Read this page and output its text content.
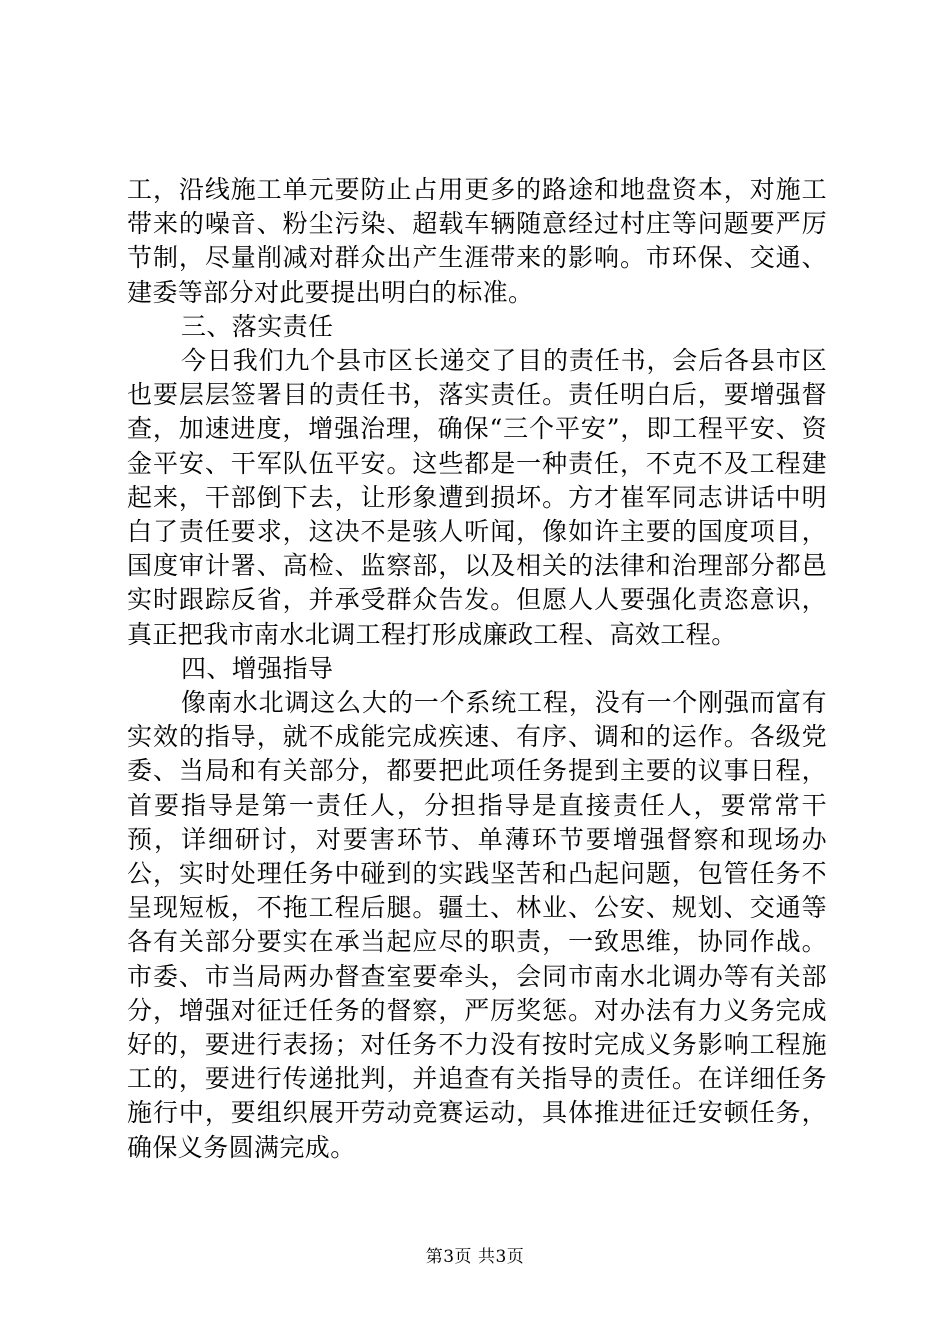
工，沿线施工单元要防止占用更多的路途和地盘资本，对施工带来的噪音、粉尘污染、超载车辆随意经过村庄等问题要严厉节制，尽量削减对群众出产生涯带来的影响。市环保、交通、建委等部分对此要提出明白的标准。

三、落实责任

今日我们九个县市区长递交了目的责任书，会后各县市区也要层层签署目的责任书，落实责任。责任明白后，要增强督查，加速进度，增强治理，确保“三个平安”，即工程平安、资金平安、干军队伍平安。这些都是一种责任，不克不及工程建起来，干部倒下去，让形象遭到损坏。方才崔军同志讲话中明白了责任要求，这决不是骇人听闻，像如许主要的国度项目，国度审计署、高检、监察部，以及相关的法律和治理部分都邑实时跟踪反省，并承受群众告发。但愿人人要强化责恣意识，真正把我市南水北调工程打形成廉政工程、高效工程。

四、增强指导

像南水北调这么大的一个系统工程，没有一个刚强而富有实效的指导，就不成能完成疾速、有序、调和的运作。各级党委、当局和有关部分，都要把此项任务提到主要的议事日程，首要指导是第一责任人，分担指导是直接责任人，要常常干预，详细研讨，对要害环节、单薄环节要增强督察和现场办公，实时处理任务中碰到的实践坚苦和凸起问题，包管任务不呈现短板，不拖工程后腿。疆土、林业、公安、规划、交通等各有关部分要实在承当起应尽的职责，一致思维，协同作战。市委、市当局两办督查室要牵头，会同市南水北调办等有关部分，增强对征迁任务的督察，严厉奖惩。对办法有力义务完成好的，要进行表扬；对任务不力没有按时完成义务影响工程施工的，要进行传递批判，并追查有关指导的责任。在详细任务施行中，要组织展开劳动竞赛运动，具体推进征迁安顿任务，确保义务圆满完成。

第3页 共3页
